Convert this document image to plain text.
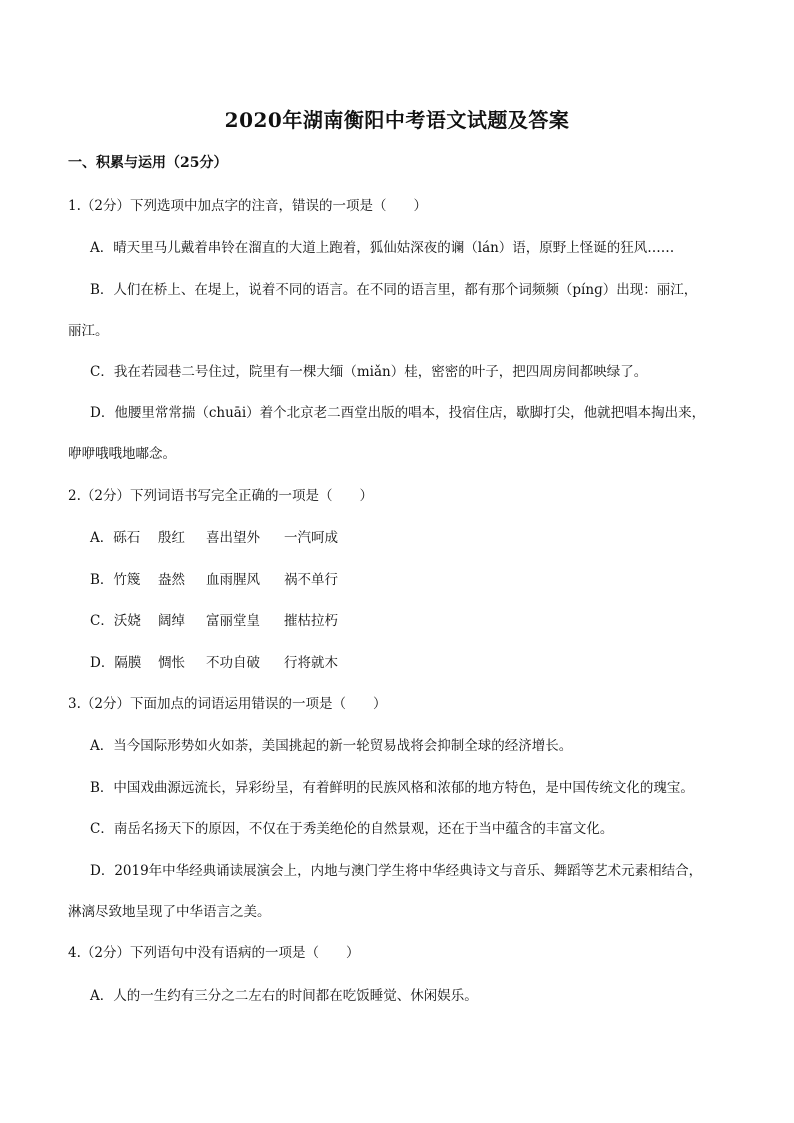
2020年湖南衡阳中考语文试题及答案
一、积累与运用（25分）
1.（2分）下列选项中加点字的注音，错误的一项是（　　）
A．晴天里马儿戴着串铃在溜直的大道上跑着，狐仙姑深夜的谰（lán）语，原野上怪诞的狂风……
B．人们在桥上、在堤上，说着不同的语言。在不同的语言里，都有那个词频频（pínɡ）出现：丽江，
丽江。
C．我在若园巷二号住过，院里有一棵大缅（miǎn）桂，密密的叶子，把四周房间都映绿了。
D．他腰里常常揣（chuāi）着个北京老二酉堂出版的唱本，投宿住店，歇脚打尖，他就把唱本掏出来，
咿咿哦哦地嘟念。
2.（2分）下列词语书写完全正确的一项是（　　）
A．砾石 殷红 喜出望外 一汽呵成
B．竹篾 盎然 血雨腥风 祸不单行
C．沃娆 阔绰 富丽堂皇 摧枯拉朽
D．隔膜 惆怅 不功自破 行将就木
3.（2分）下面加点的词语运用错误的一项是（　　）
A．当今国际形势如火如荼，美国挑起的新一轮贸易战将会抑制全球的经济增长。
B．中国戏曲源远流长，异彩纷呈，有着鲜明的民族风格和浓郁的地方特色，是中国传统文化的瑰宝。
C．南岳名扬天下的原因，不仅在于秀美绝伦的自然景观，还在于当中蕴含的丰富文化。
D．2019年中华经典诵读展演会上，内地与澳门学生将中华经典诗文与音乐、舞蹈等艺术元素相结合，
淋漓尽致地呈现了中华语言之美。
4.（2分）下列语句中没有语病的一项是（　　）
A．人的一生约有三分之二左右的时间都在吃饭睡觉、休闲娱乐。
